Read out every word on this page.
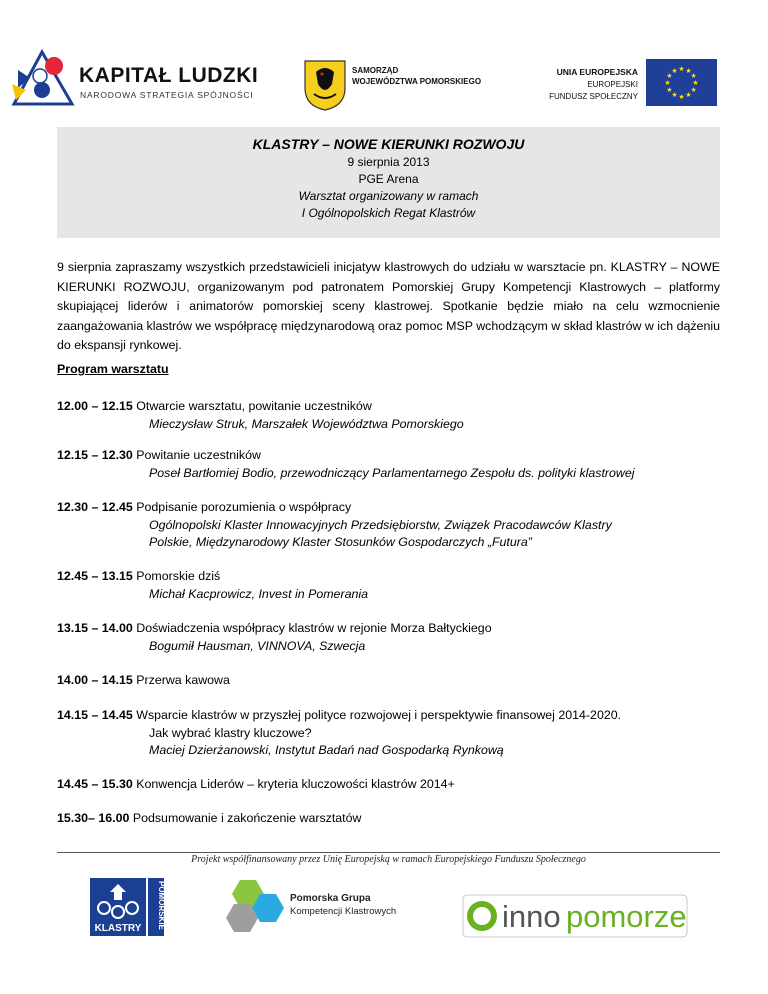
KAPITAŁ LUDZKI
NARODOWA STRATEGIA SPÓJNOŚCI
SAMORZĄD
WOJEWÓDZTWA POMORSKIEGO
UNIA EUROPEJSKA
EUROPEJSKI
FUNDUSZ SPOŁECZNY
★ ★
★
★
★
★
★
★
★
★
★
★
KLASTRY – NOWE KIERUNKI ROZWOJU
9 sierpnia 2013
PGE Arena
Warsztat organizowany w ramach
I Ogólnopolskich Regat Klastrów
9 sierpnia zapraszamy wszystkich przedstawicieli inicjatyw klastrowych do udziału w warsztacie pn. KLASTRY – NOWE KIERUNKI ROZWOJU, organizowanym pod patronatem Pomorskiej Grupy Kompetencji Klastrowych – platformy skupiającej liderów i animatorów pomorskiej sceny klastrowej. Spotkanie będzie miało na celu wzmocnienie zaangażowania klastrów we współpracę międzynarodową oraz pomoc MSP wchodzącym w skład klastrów w ich dążeniu do ekspansji rynkowej.
Program warsztatu
12.00 – 12.15 Otwarcie warsztatu, powitanie uczestników
Mieczysław Struk, Marszałek Województwa Pomorskiego
12.15 – 12.30 Powitanie uczestników
Poseł Bartłomiej Bodio, przewodniczący Parlamentarnego Zespołu ds. polityki klastrowej
12.30 – 12.45 Podpisanie porozumienia o współpracy
Ogólnopolski Klaster Innowacyjnych Przedsiębiorstw, Związek Pracodawców Klastry
Polskie, Międzynarodowy Klaster Stosunków Gospodarczych „Futura”
12.45 – 13.15 Pomorskie dziś
Michał Kacprowicz, Invest in Pomerania
13.15 – 14.00 Doświadczenia współpracy klastrów w rejonie Morza Bałtyckiego
Bogumił Hausman, VINNOVA, Szwecja
14.00 – 14.15 Przerwa kawowa
14.15 – 14.45 Wsparcie klastrów w przyszłej polityce rozwojowej i perspektywie finansowej 2014-2020.
Jak wybrać klastry kluczowe?
Maciej Dzierżanowski, Instytut Badań nad Gospodarką Rynkową
14.45 – 15.30 Konwencja Liderów – kryteria kluczowości klastrów 2014+
15.30– 16.00 Podsumowanie i zakończenie warsztatów
Projekt współfinansowany przez Unię Europejską w ramach Europejskiego Funduszu Społecznego
KLASTRY POMORSKIE	Pomorska Grupa
Kompetencji Klastrowych	inno pomorze
